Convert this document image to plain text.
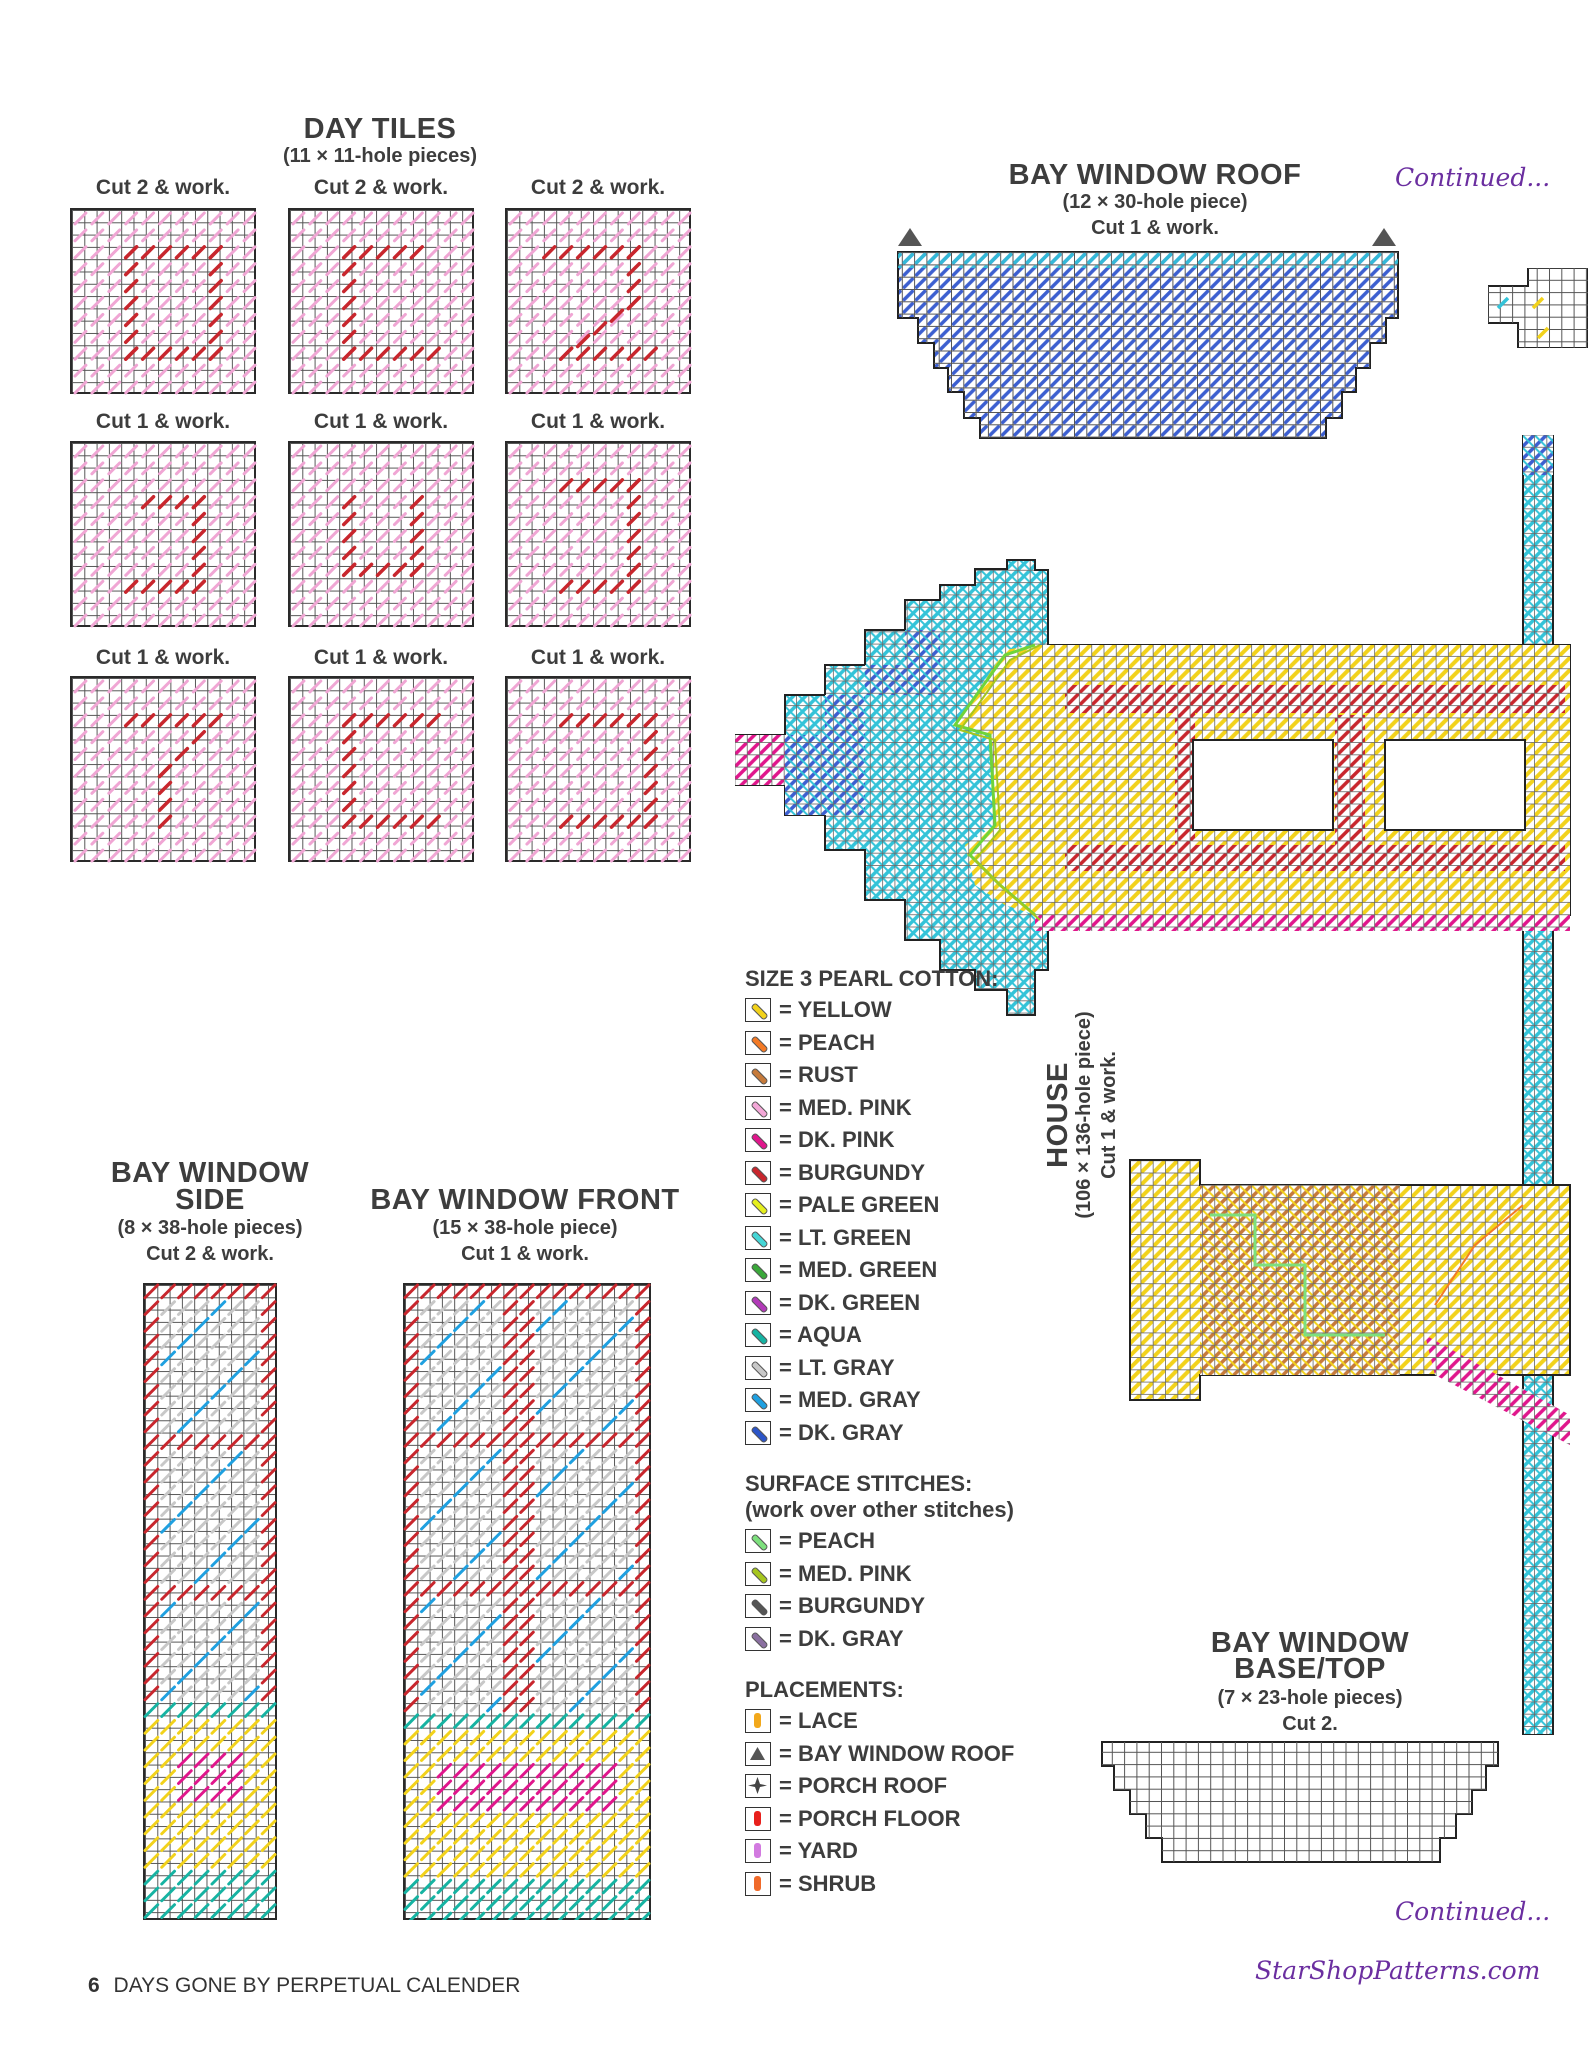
DAY TILES
(11 × 11-hole pieces)
Cut 2 & work.	Cut 2 & work.	Cut 2 & work.
Cut 1 & work.	Cut 1 & work.	Cut 1 & work.
Cut 1 & work.	Cut 1 & work.	Cut 1 & work.
BAY WINDOW ROOF
(12 × 30-hole piece)
Cut 1 & work.
Continued...
HOUSE (106 × 136-hole piece) Cut 1 & work.
SIZE 3 PEARL COTTON:
= YELLOW
= PEACH
= RUST
= MED. PINK
= DK. PINK
= BURGUNDY
= PALE GREEN
= LT. GREEN
= MED. GREEN
= DK. GREEN
= AQUA
= LT. GRAY
= MED. GRAY
= DK. GRAY
SURFACE STITCHES:
(work over other stitches)
= PEACH
= MED. PINK
= BURGUNDY
= DK. GRAY
PLACEMENTS:
= LACE
= BAY WINDOW ROOF
= PORCH ROOF
= PORCH FLOOR
= YARD
= SHRUB
BAY WINDOW
SIDE
(8 × 38-hole pieces)
Cut 2 & work.
BAY WINDOW FRONT
(15 × 38-hole piece)
Cut 1 & work.
BAY WINDOW
BASE/TOP
(7 × 23-hole pieces)
Cut 2.
Continued...
6 DAYS GONE BY PERPETUAL CALENDER
StarShopPatterns.com
